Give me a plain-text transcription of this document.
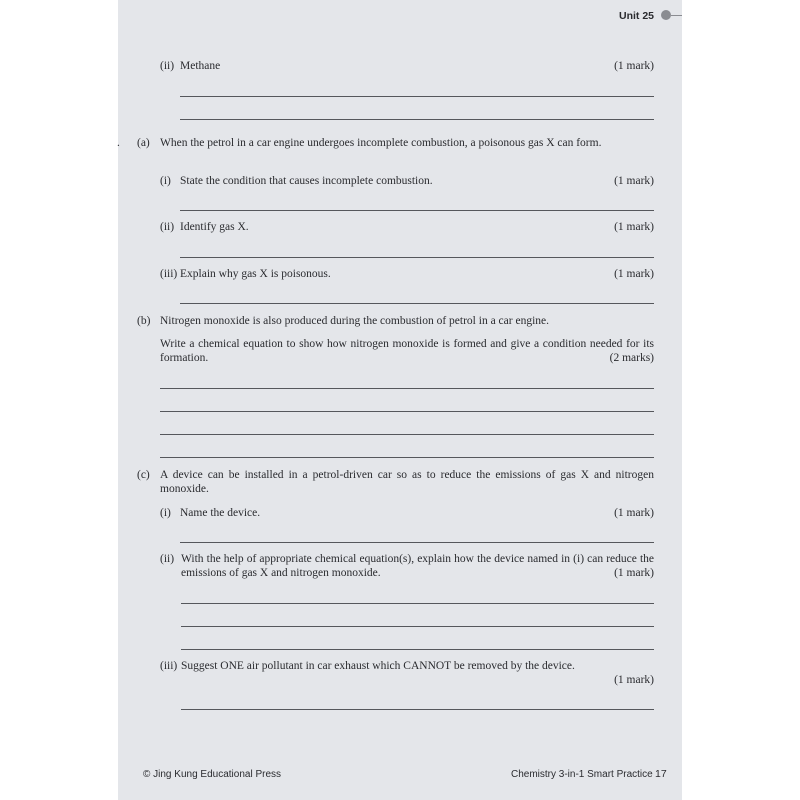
Unit 25
(ii) Methane	(1 mark)
. (a) When the petrol in a car engine undergoes incomplete combustion, a poisonous gas X can form.
(i) State the condition that causes incomplete combustion.	(1 mark)
(ii) Identify gas X.	(1 mark)
(iii) Explain why gas X is poisonous.	(1 mark)
(b) Nitrogen monoxide is also produced during the combustion of petrol in a car engine.
Write a chemical equation to show how nitrogen monoxide is formed and give a condition needed for its formation.	(2 marks)
(c) A device can be installed in a petrol-driven car so as to reduce the emissions of gas X and nitrogen monoxide.
(i) Name the device.	(1 mark)
(ii) With the help of appropriate chemical equation(s), explain how the device named in (i) can reduce the emissions of gas X and nitrogen monoxide.	(1 mark)
(iii) Suggest ONE air pollutant in car exhaust which CANNOT be removed by the device.
(1 mark)
© Jing Kung Educational Press	Chemistry 3-in-1 Smart Practice 17
